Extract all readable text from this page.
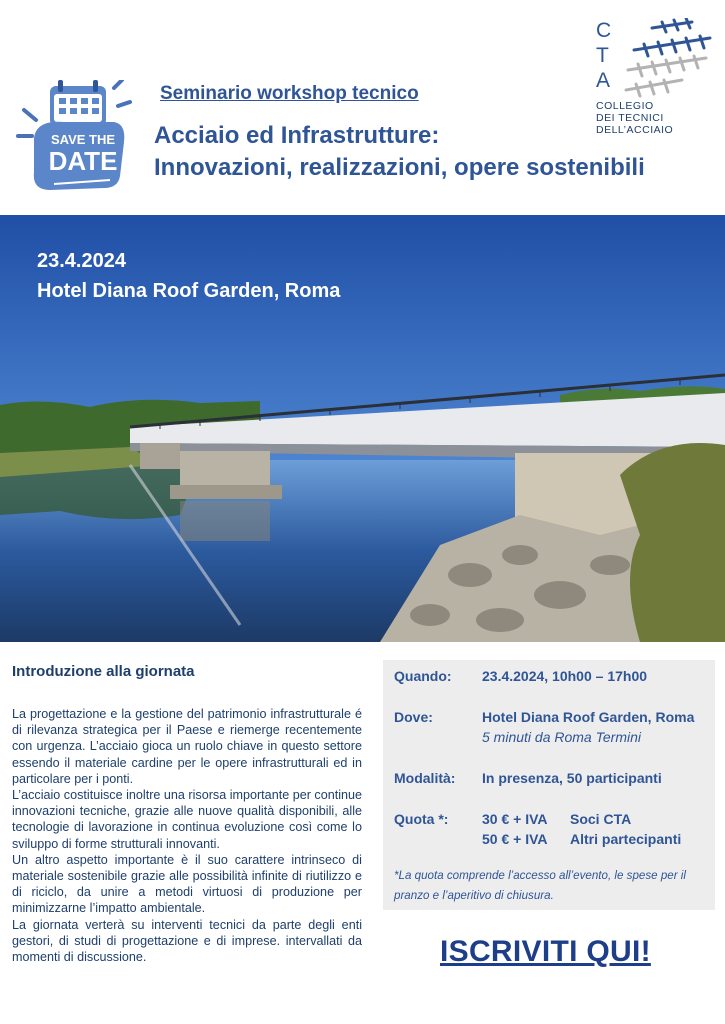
SAVE THE
DATE
Seminario workshop tecnico
Acciaio ed Infrastrutture:
Innovazioni, realizzazioni, opere sostenibili
C
T
A
COLLEGIO
DEI TECNICI
DELL’ACCIAIO
23.4.2024
Hotel Diana Roof Garden, Roma
Introduzione alla giornata

La progettazione e la gestione del patrimonio infrastrutturale é di rilevanza strategica per il Paese e riemerge recentemente con urgenza. L’acciaio gioca un ruolo chiave in questo settore essendo il materiale cardine per le opere infrastrutturali ed in particolare per i ponti.

L’acciaio costituisce inoltre una risorsa importante per continue innovazioni tecniche, grazie alle nuove qualità disponibili, alle tecnologie di lavorazione in continua evoluzione così come lo sviluppo di forme strutturali innovanti.

Un altro aspetto importante è il suo carattere intrinseco di materiale sostenibile grazie alle possibilità infinite di riutilizzo e di riciclo, da unire a metodi virtuosi di produzione per minimizzarne l’impatto ambientale.

La giornata verterà su interventi tecnici da parte degli enti gestori, di studi di progettazione e di imprese. intervallati da momenti di discussione.

Quando: 23.4.2024, 10h00 – 17h00
Dove:	Hotel Diana Roof Garden, Roma
5 minuti da Roma Termini
Modalità: In presenza, 50 participanti
Quota *: 30 € + IVA Soci CTA
50 € + IVA Altri partecipanti
*La quota comprende l’accesso all’evento, le spese per il pranzo e l’aperitivo di chiusura.
ISCRIVITI QUI!
